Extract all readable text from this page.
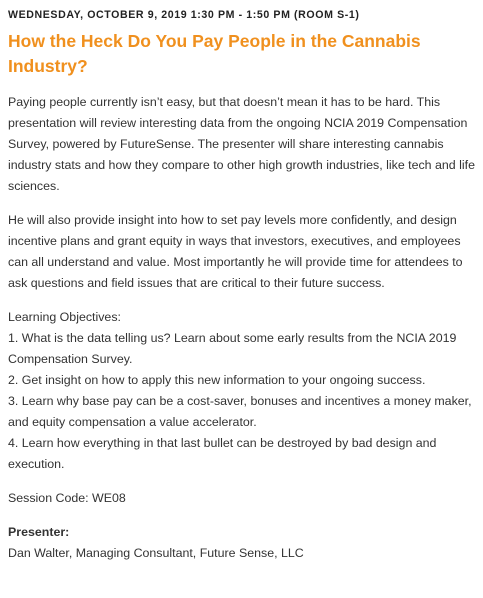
WEDNESDAY, OCTOBER 9, 2019 1:30 PM - 1:50 PM (ROOM S-1)
How the Heck Do You Pay People in the Cannabis Industry?

Paying people currently isn’t easy, but that doesn’t mean it has to be hard. This presentation will review interesting data from the ongoing NCIA 2019 Compensation Survey, powered by FutureSense. The presenter will share interesting cannabis industry stats and how they compare to other high growth industries, like tech and life sciences.

He will also provide insight into how to set pay levels more confidently, and design incentive plans and grant equity in ways that investors, executives, and employees can all understand and value. Most importantly he will provide time for attendees to ask questions and field issues that are critical to their future success.

Learning Objectives:

1. What is the data telling us? Learn about some early results from the NCIA 2019 Compensation Survey.

2. Get insight on how to apply this new information to your ongoing success.

3. Learn why base pay can be a cost-saver, bonuses and incentives a money maker, and equity compensation a value accelerator.

4. Learn how everything in that last bullet can be destroyed by bad design and execution.

Session Code: WE08
Presenter:
Dan Walter, Managing Consultant, Future Sense, LLC
